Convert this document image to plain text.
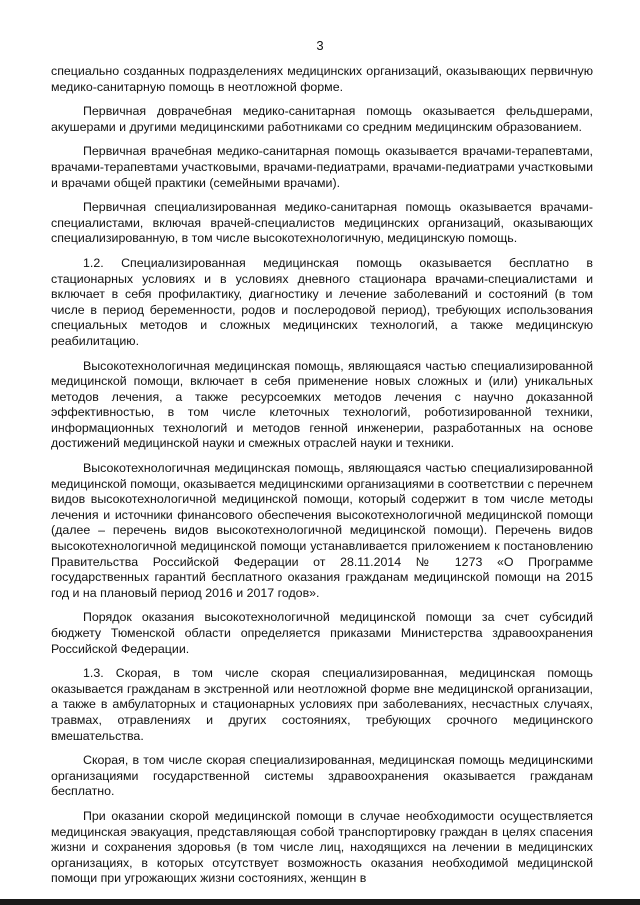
3

специально созданных подразделениях медицинских организаций, оказывающих первичную медико-санитарную помощь в неотложной форме.

Первичная доврачебная медико-санитарная помощь оказывается фельдшерами, акушерами и другими медицинскими работниками со средним медицинским образованием.

Первичная врачебная медико-санитарная помощь оказывается врачами-терапевтами, врачами-терапевтами участковыми, врачами-педиатрами, врачами-педиатрами участковыми и врачами общей практики (семейными врачами).

Первичная специализированная медико-санитарная помощь оказывается врачами-специалистами, включая врачей-специалистов медицинских организаций, оказывающих специализированную, в том числе высокотехнологичную, медицинскую помощь.

1.2. Специализированная медицинская помощь оказывается бесплатно в стационарных условиях и в условиях дневного стационара врачами-специалистами и включает в себя профилактику, диагностику и лечение заболеваний и состояний (в том числе в период беременности, родов и послеродовой период), требующих использования специальных методов и сложных медицинских технологий, а также медицинскую реабилитацию.

Высокотехнологичная медицинская помощь, являющаяся частью специализированной медицинской помощи, включает в себя применение новых сложных и (или) уникальных методов лечения, а также ресурсоемких методов лечения с научно доказанной эффективностью, в том числе клеточных технологий, роботизированной техники, информационных технологий и методов генной инженерии, разработанных на основе достижений медицинской науки и смежных отраслей науки и техники.

Высокотехнологичная медицинская помощь, являющаяся частью специализированной медицинской помощи, оказывается медицинскими организациями в соответствии с перечнем видов высокотехнологичной медицинской помощи, который содержит в том числе методы лечения и источники финансового обеспечения высокотехнологичной медицинской помощи (далее – перечень видов высокотехнологичной медицинской помощи). Перечень видов высокотехнологичной медицинской помощи устанавливается приложением к постановлению Правительства Российской Федерации от 28.11.2014 № 1273 «О Программе государственных гарантий бесплатного оказания гражданам медицинской помощи на 2015 год и на плановый период 2016 и 2017 годов».

Порядок оказания высокотехнологичной медицинской помощи за счет субсидий бюджету Тюменской области определяется приказами Министерства здравоохранения Российской Федерации.

1.3. Скорая, в том числе скорая специализированная, медицинская помощь оказывается гражданам в экстренной или неотложной форме вне медицинской организации, а также в амбулаторных и стационарных условиях при заболеваниях, несчастных случаях, травмах, отравлениях и других состояниях, требующих срочного медицинского вмешательства.

Скорая, в том числе скорая специализированная, медицинская помощь медицинскими организациями государственной системы здравоохранения оказывается гражданам бесплатно.

При оказании скорой медицинской помощи в случае необходимости осуществляется медицинская эвакуация, представляющая собой транспортировку граждан в целях спасения жизни и сохранения здоровья (в том числе лиц, находящихся на лечении в медицинских организациях, в которых отсутствует возможность оказания необходимой медицинской помощи при угрожающих жизни состояниях, женщин в
